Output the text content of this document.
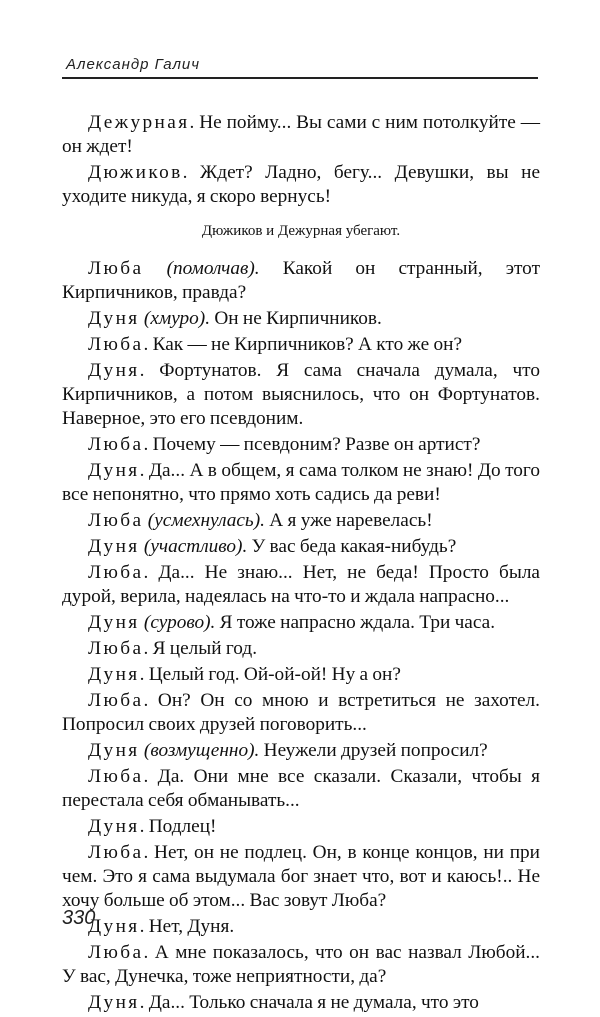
Александр Галич

Дежурная. Не пойму... Вы сами с ним потолкуйте — он ждет!

Дюжиков. Ждет? Ладно, бегу... Девушки, вы не уходите никуда, я скоро вернусь!

Дюжиков и Дежурная убегают.

Люба (помолчав). Какой он странный, этот Кирпичников, правда?

Дуня (хмуро). Он не Кирпичников.

Люба. Как — не Кирпичников? А кто же он?

Дуня. Фортунатов. Я сама сначала думала, что Кирпичников, а потом выяснилось, что он Фортунатов. Наверное, это его псевдоним.

Люба. Почему — псевдоним? Разве он артист?

Дуня. Да... А в общем, я сама толком не знаю! До того все непонятно, что прямо хоть садись да реви!

Люба (усмехнулась). А я уже наревелась!

Дуня (участливо). У вас беда какая-нибудь?

Люба. Да... Не знаю... Нет, не беда! Просто была дурой, верила, надеялась на что-то и ждала напрасно...

Дуня (сурово). Я тоже напрасно ждала. Три часа.

Люба. Я целый год.

Дуня. Целый год. Ой-ой-ой! Ну а он?

Люба. Он? Он со мною и встретиться не захотел. Попросил своих друзей поговорить...

Дуня (возмущенно). Неужели друзей попросил?

Люба. Да. Они мне все сказали. Сказали, чтобы я перестала себя обманывать...

Дуня. Подлец!

Люба. Нет, он не подлец. Он, в конце концов, ни при чем. Это я сама выдумала бог знает что, вот и каюсь!.. Не хочу больше об этом... Вас зовут Люба?

Дуня. Нет, Дуня.

Люба. А мне показалось, что он вас назвал Любой... У вас, Дунечка, тоже неприятности, да?

Дуня. Да... Только сначала я не думала, что это

330
